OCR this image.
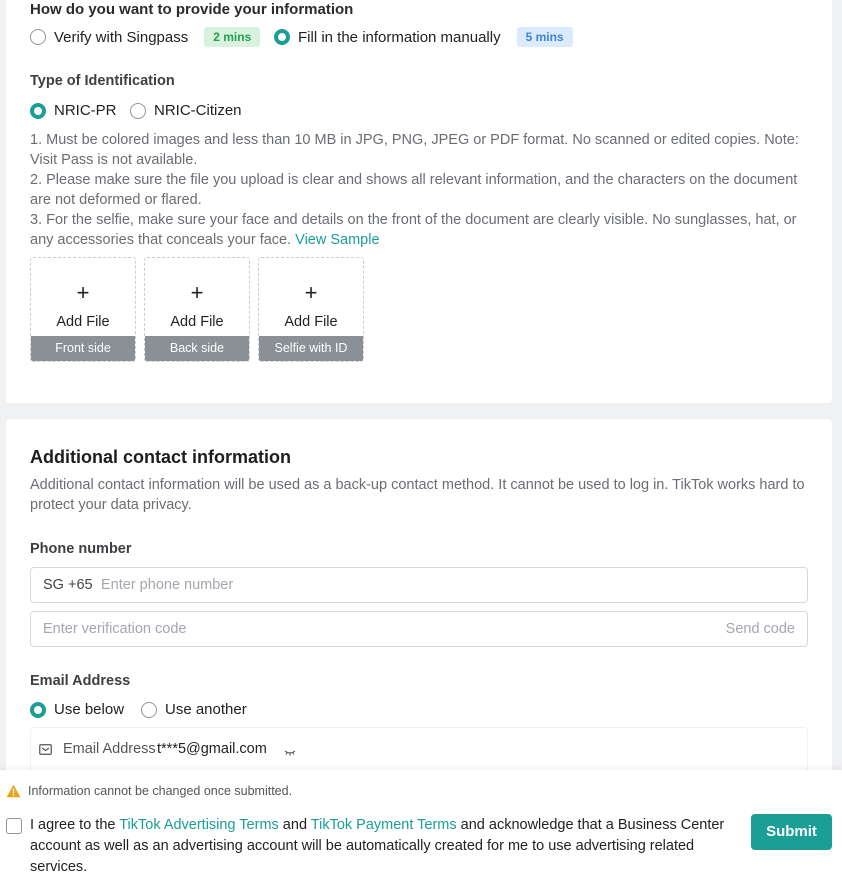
How do you want to provide your information
Verify with Singpass	2 mins	Fill in the information manually	5 mins
Type of Identification
NRIC-PR	NRIC-Citizen
1. Must be colored images and less than 10 MB in JPG, PNG, JPEG or PDF format. No scanned or edited copies. Note: Visit Pass is not available.
2. Please make sure the file you upload is clear and shows all relevant information, and the characters on the document are not deformed or flared.
3. For the selfie, make sure your face and details on the front of the document are clearly visible. No sunglasses, hat, or any accessories that conceals your face. View Sample
+
Add File
Front side
+
Add File
Back side
+
Add File
Selfie with ID
Additional contact information
Additional contact information will be used as a back-up contact method. It cannot be used to log in. TikTok works hard to protect your data privacy.
Phone number
SG +65 Enter phone number
Enter verification code	Send code
Email Address
Use below	Use another
Email Address t***5@gmail.com
Information cannot be changed once submitted.
I agree to the TikTok Advertising Terms and TikTok Payment Terms and acknowledge that a Business Center account as well as an advertising account will be automatically created for me to use advertising related services.
Submit
